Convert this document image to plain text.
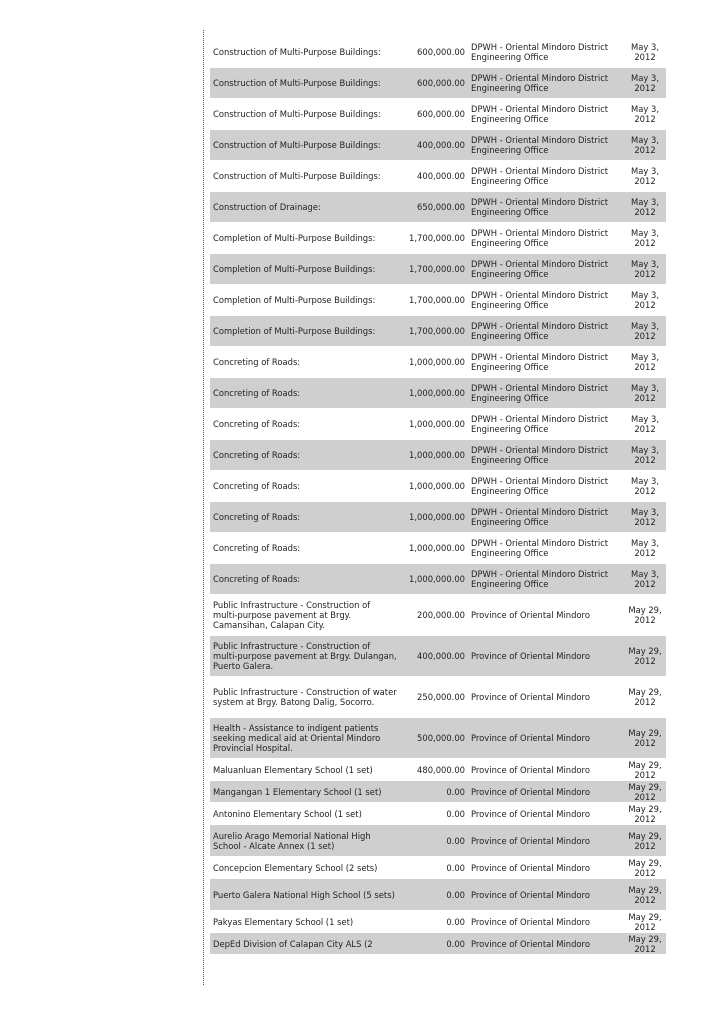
Construction of Multi-Purpose Buildings:	600,000.00	DPWH - Oriental Mindoro District Engineering Office	May 3, 2012

Construction of Multi-Purpose Buildings:	600,000.00	DPWH - Oriental Mindoro District Engineering Office	May 3, 2012

Construction of Multi-Purpose Buildings:	600,000.00	DPWH - Oriental Mindoro District Engineering Office	May 3, 2012

Construction of Multi-Purpose Buildings:	400,000.00	DPWH - Oriental Mindoro District Engineering Office	May 3, 2012

Construction of Multi-Purpose Buildings:	400,000.00	DPWH - Oriental Mindoro District Engineering Office	May 3, 2012

Construction of Drainage:	650,000.00	DPWH - Oriental Mindoro District Engineering Office	May 3, 2012

Completion of Multi-Purpose Buildings:	1,700,000.00	DPWH - Oriental Mindoro District Engineering Office	May 3, 2012

Completion of Multi-Purpose Buildings:	1,700,000.00	DPWH - Oriental Mindoro District Engineering Office	May 3, 2012

Completion of Multi-Purpose Buildings:	1,700,000.00	DPWH - Oriental Mindoro District Engineering Office	May 3, 2012

Completion of Multi-Purpose Buildings:	1,700,000.00	DPWH - Oriental Mindoro District Engineering Office	May 3, 2012

Concreting of Roads:	1,000,000.00	DPWH - Oriental Mindoro District Engineering Office	May 3, 2012

Concreting of Roads:	1,000,000.00	DPWH - Oriental Mindoro District Engineering Office	May 3, 2012

Concreting of Roads:	1,000,000.00	DPWH - Oriental Mindoro District Engineering Office	May 3, 2012

Concreting of Roads:	1,000,000.00	DPWH - Oriental Mindoro District Engineering Office	May 3, 2012

Concreting of Roads:	1,000,000.00	DPWH - Oriental Mindoro District Engineering Office	May 3, 2012

Concreting of Roads:	1,000,000.00	DPWH - Oriental Mindoro District Engineering Office	May 3, 2012

Concreting of Roads:	1,000,000.00	DPWH - Oriental Mindoro District Engineering Office	May 3, 2012

Concreting of Roads:	1,000,000.00	DPWH - Oriental Mindoro District Engineering Office	May 3, 2012

Public Infrastructure - Construction of multi-purpose pavement at Brgy. Camansihan, Calapan City.	200,000.00	Province of Oriental Mindoro	May 29, 2012

Public Infrastructure - Construction of multi-purpose pavement at Brgy. Dulangan, Puerto Galera.	400,000.00	Province of Oriental Mindoro	May 29, 2012

Public Infrastructure - Construction of water system at Brgy. Batong Dalig, Socorro.	250,000.00	Province of Oriental Mindoro	May 29, 2012

Health - Assistance to indigent patients seeking medical aid at Oriental Mindoro Provincial Hospital.	500,000.00	Province of Oriental Mindoro	May 29, 2012

Maluanluan Elementary School (1 set)	480,000.00	Province of Oriental Mindoro	May 29, 2012

Mangangan 1 Elementary School (1 set)	0.00	Province of Oriental Mindoro	May 29, 2012

Antonino Elementary School (1 set)	0.00	Province of Oriental Mindoro	May 29, 2012

Aurelio Arago Memorial National High School - Alcate Annex (1 set)	0.00	Province of Oriental Mindoro	May 29, 2012

Concepcion Elementary School (2 sets)	0.00	Province of Oriental Mindoro	May 29, 2012

Puerto Galera National High School (5 sets)	0.00	Province of Oriental Mindoro	May 29, 2012

Pakyas Elementary School (1 set)	0.00	Province of Oriental Mindoro	May 29, 2012

DepEd Division of Calapan City ALS (2	0.00	Province of Oriental Mindoro	May 29, 2012
